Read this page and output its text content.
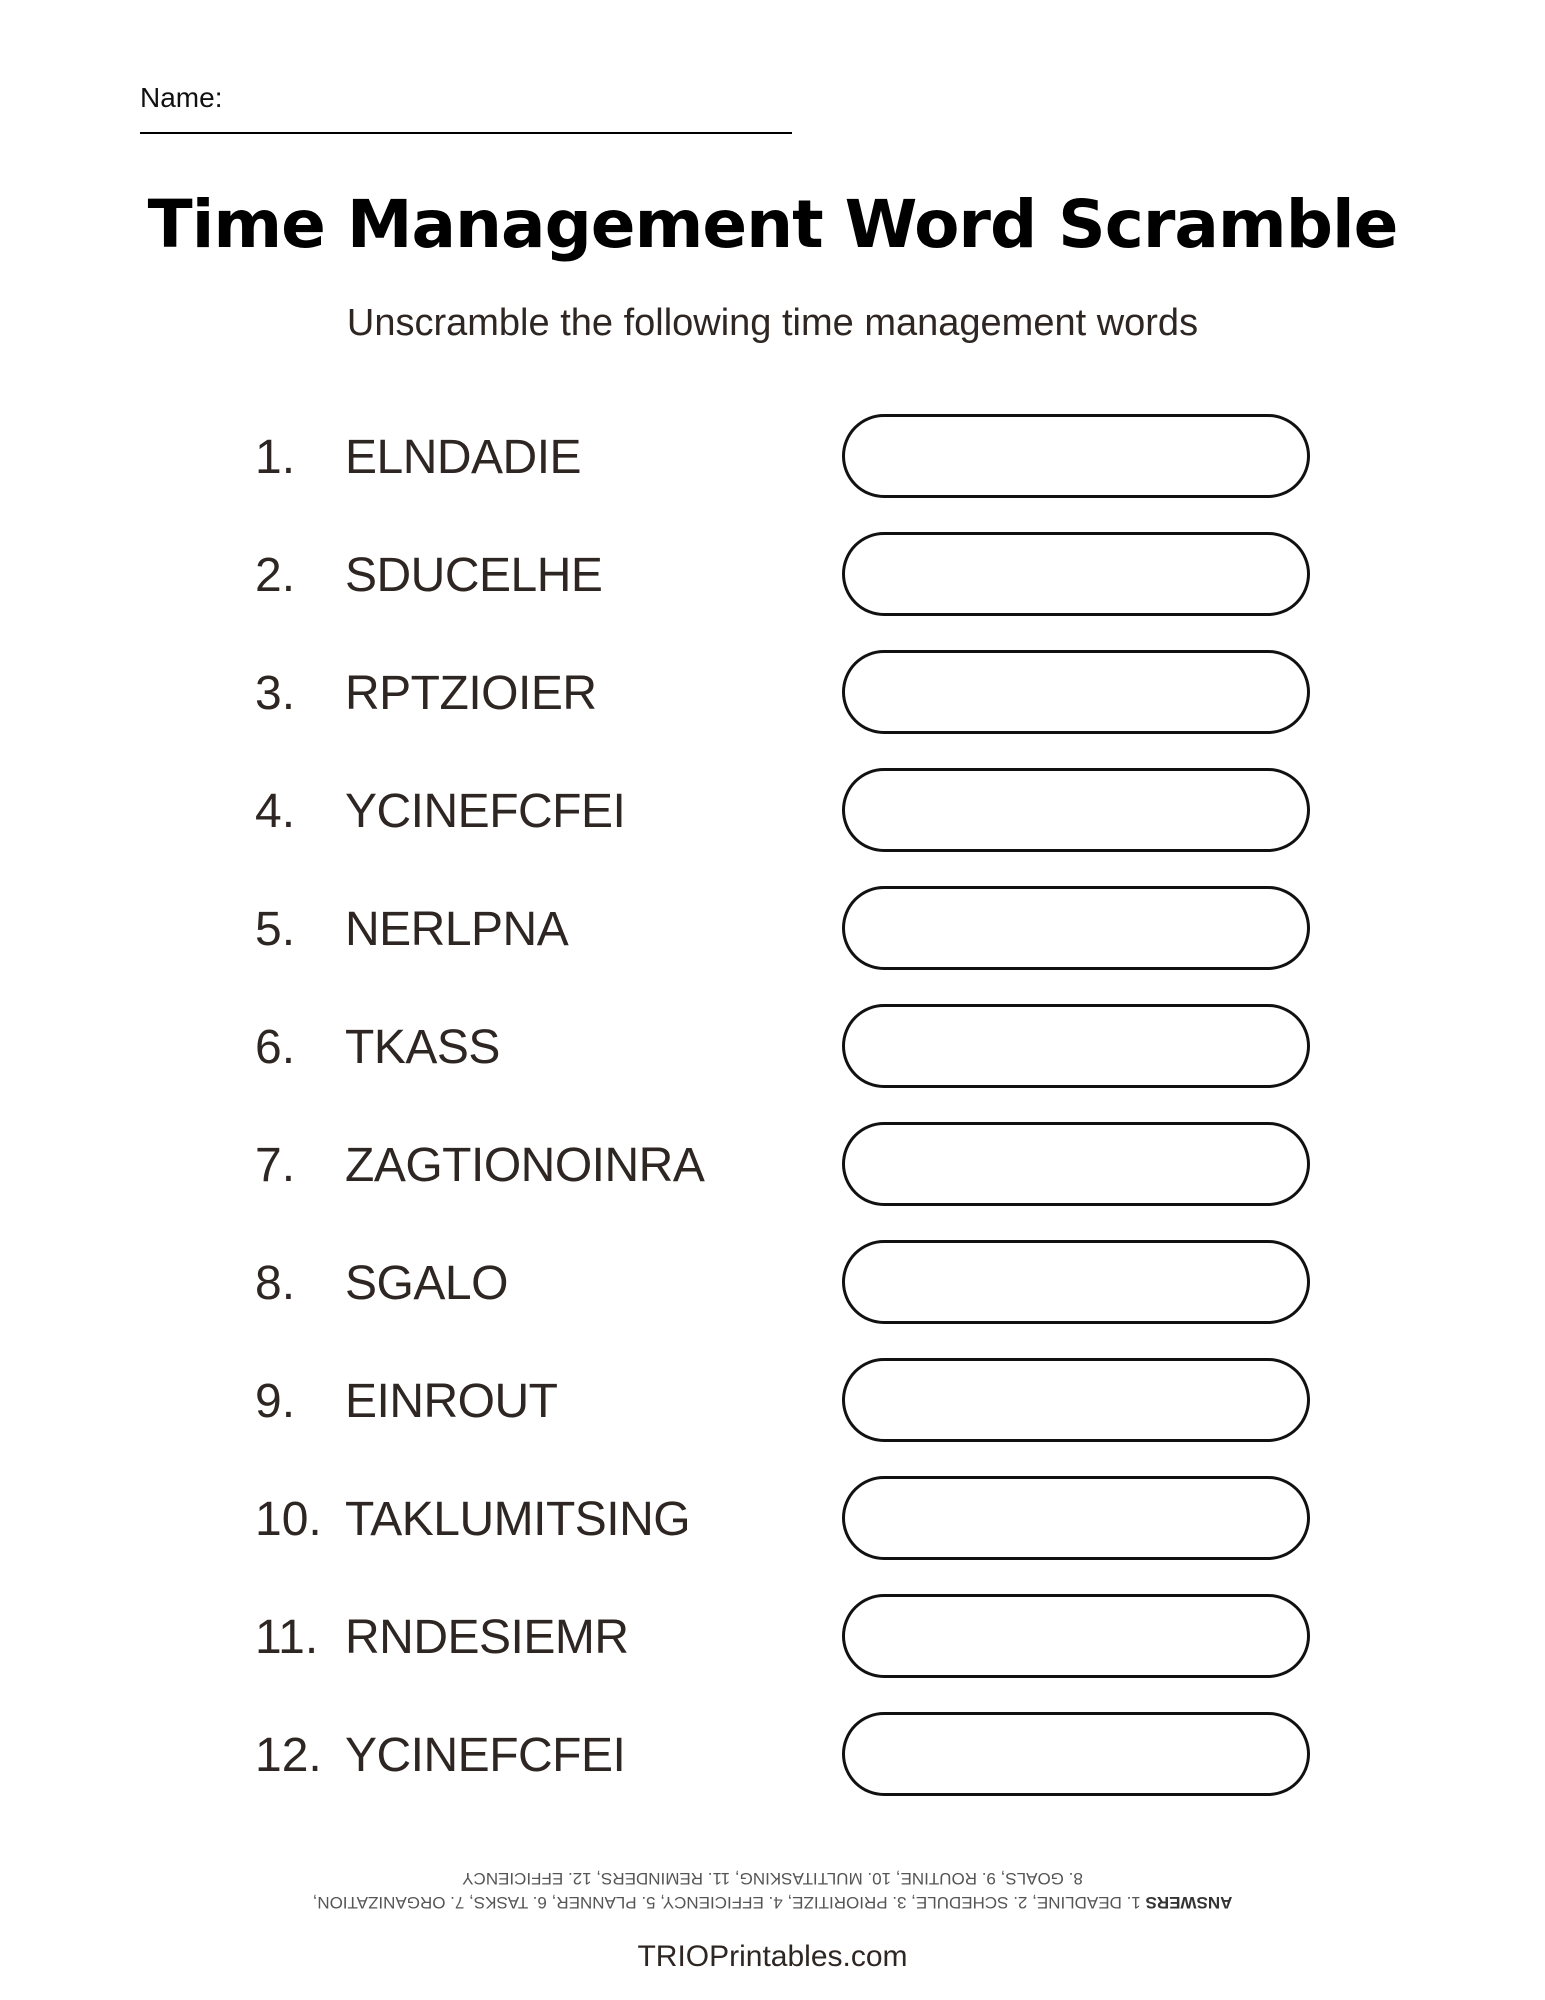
Name:
Time Management Word Scramble
Unscramble the following time management words
1. ELNDADIE
2. SDUCELHE
3. RPTZIOIER
4. YCINEFCFEI
5. NERLPNA
6. TKASS
7. ZAGTIONOINRA
8. SGALO
9. EINROUT
10. TAKLUMITSING
11. RNDESIEMR
12. YCINEFCFEI
ANSWERS 1. DEADLINE, 2. SCHEDULE, 3. PRIORITIZE, 4. EFFICIENCY, 5. PLANNER, 6. TASKS, 7. ORGANIZATION,
8. GOALS, 9. ROUTINE, 10. MULTITASKING, 11. REMINDERS, 12. EFFICIENCY
TRIOPrintables.com
